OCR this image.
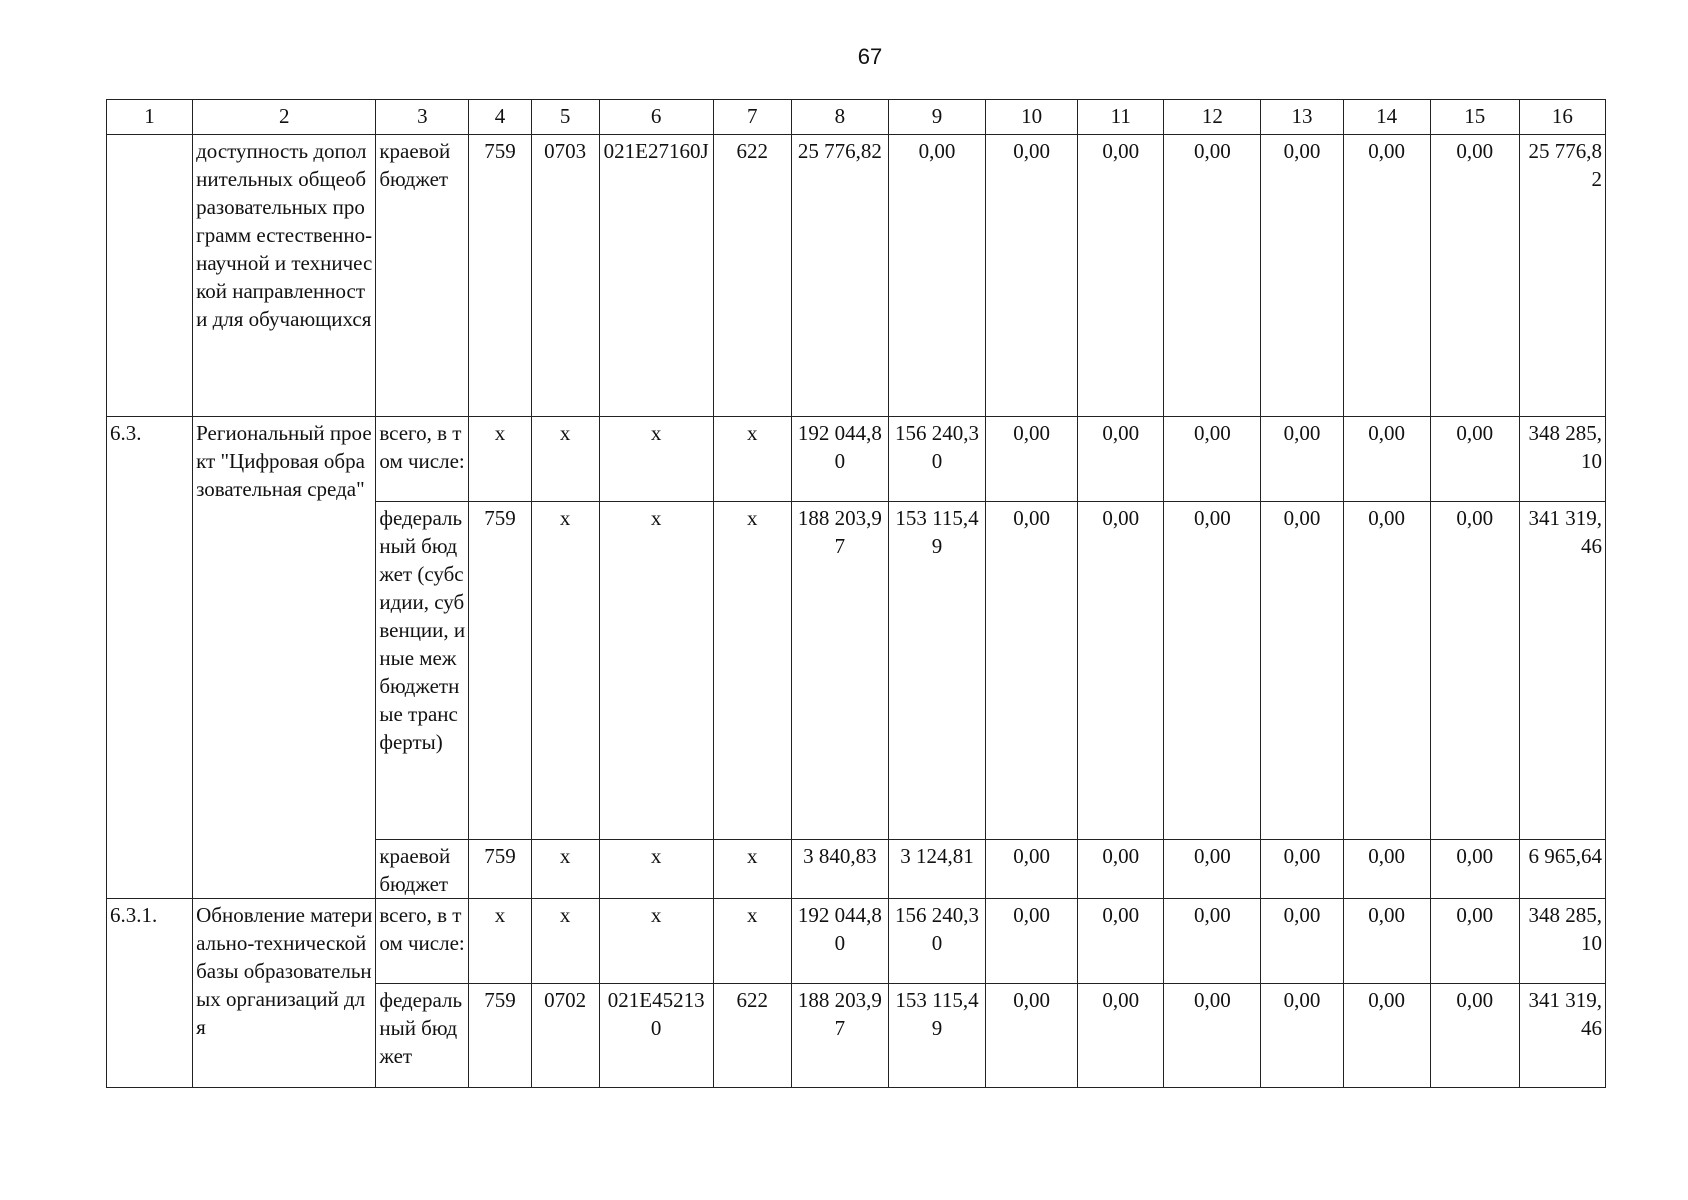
67
1	2	3	4	5	6	7	8	9	10	11	12	13	14	15	16
	доступность дополнительных общеобразовательных программ естественно-научной и технической направленности для обучающихся	краевой бюджет	759	0703	021E27160J	622	25 776,82	0,00	0,00	0,00	0,00	0,00	0,00	0,00	25 776,82
6.3.	Региональный проект "Цифровая образовательная среда"	всего, в том числе:	х	х	х	х	192 044,80	156 240,30	0,00	0,00	0,00	0,00	0,00	0,00	348 285,10
		федеральный бюджет (субсидии, субвенции, иные межбюджетные трансферты)	759	х	х	х	188 203,97	153 115,49	0,00	0,00	0,00	0,00	0,00	0,00	341 319,46
		краевой бюджет	759	х	х	х	3 840,83	3 124,81	0,00	0,00	0,00	0,00	0,00	0,00	6 965,64
6.3.1.	Обновление материально-технической базы образовательных организаций для	всего, в том числе:	х	х	х	х	192 044,80	156 240,30	0,00	0,00	0,00	0,00	0,00	0,00	348 285,10
		федеральный бюджет	759	0702	021E452130	622	188 203,97	153 115,49	0,00	0,00	0,00	0,00	0,00	0,00	341 319,46
